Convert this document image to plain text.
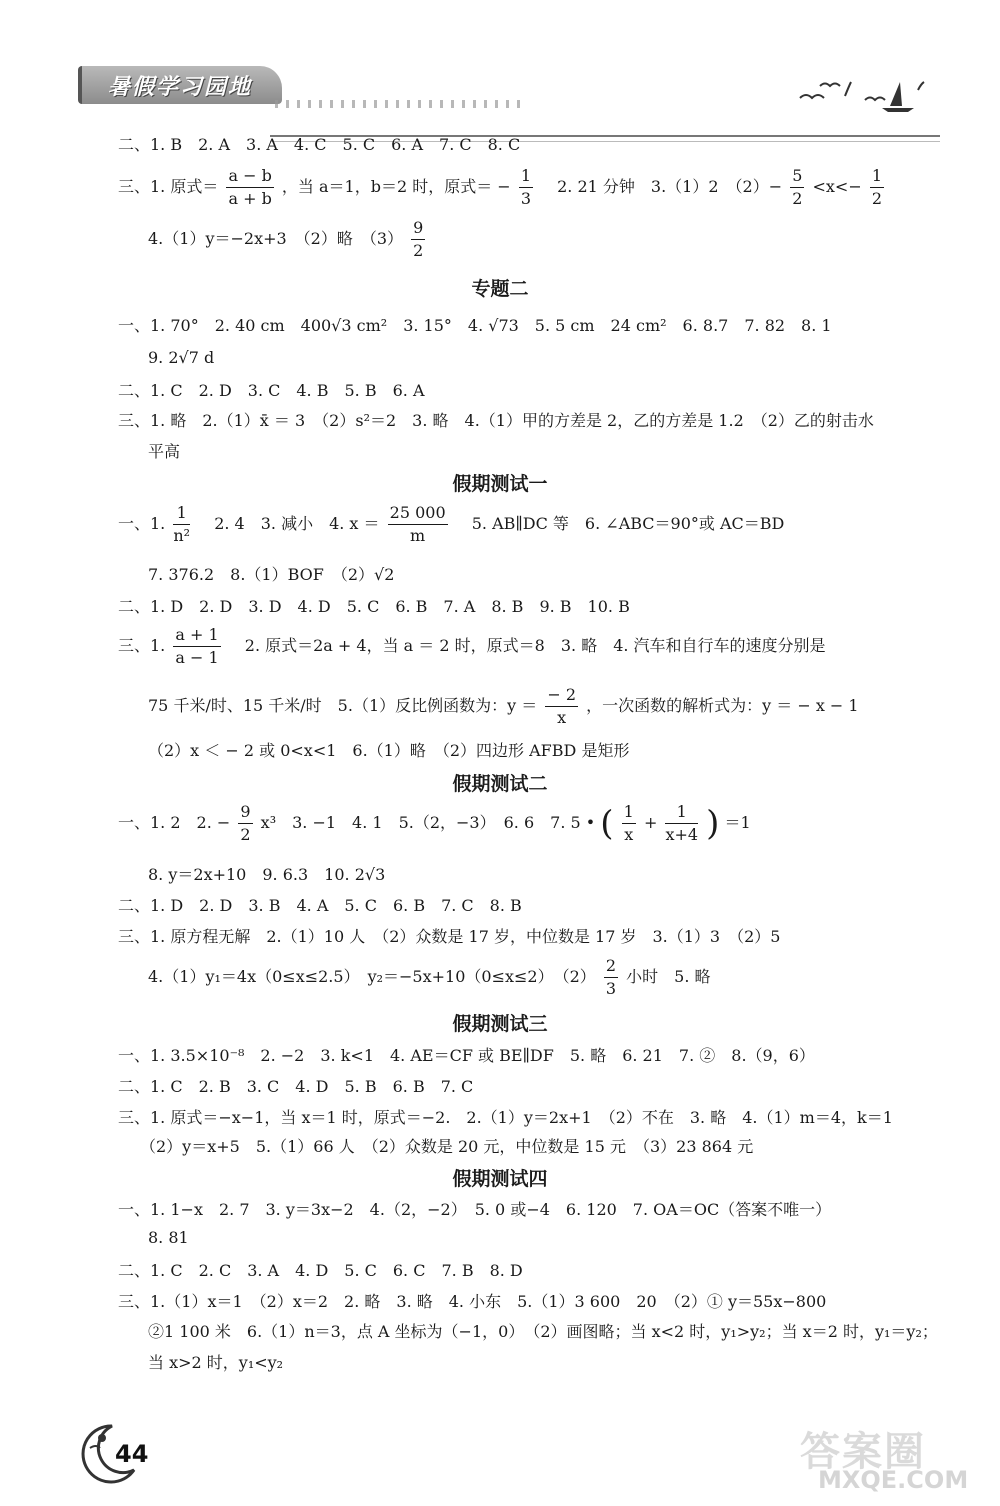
暑假学习园地
二、1. B　2. A　3. A　4. C　5. C　6. A　7. C　8. C
三、1. 原式＝ $\frac{a - b}{a + b}$ ，当 a＝1，b＝2 时，原式＝ − $\frac{1}{3}$ 　2. 21 分钟　3.（1）2　$(2)- \frac{5}{2} <x<- \frac{1}{2}$
4.（1）y＝−2x+3　（2）略　$(3) \frac{9}{2}$
专题二
一、1. 70°　2. 40 cm　400√3 cm²　3. 15°　4. √73　5. 5 cm　24 cm²　6. 8.7　7. 82　8. 1
9. 2√7 d
二、1. C　2. D　3. C　4. B　5. B　6. A
三、1. 略　2.（1）x̄ ＝ 3　（2）s²＝2　3. 略　4.（1）甲的方差是 2，乙的方差是 1.2　（2）乙的射击水
平高
假期测试一
一、1. $\frac{1}{\text{n²}}$ 　2. 4　3. 减小　4. $x = \frac{25 000}{m}$ 　5. AB∥DC 等　6. ∠ABC＝90°或 AC＝BD
7. 376.2　8.（1）BOF　（2）√2
二、1. D　2. D　3. D　4. D　5. C　6. B　7. A　8. B　9. B　10. B
三、1. $\frac{a + 1}{a - 1}$ 　2. 原式＝2a + 4，当 a ＝ 2 时，原式＝8　3. 略　4. 汽车和自行车的速度分别是
75 千米/时、15 千米/时　5.（1）反比例函数为：$y = \frac{- 2}{x}$ ，一次函数的解析式为：y ＝ − x − 1
（2）x ＜ − 2 或 0<x<1　6.（1）略　（2）四边形 AFBD 是矩形
假期测试二
一、1. 2　2. − $\frac{9}{2} x^3$　3. −1　4. 1　5.（2，−3）　6. 6　7. 5 • ( $\frac{1}{x} + \frac{1}{x+4}$ ) ＝1
8. y＝2x+10　9. 6.3　10. 2√3
二、1. D　2. D　3. B　4. A　5. C　6. B　7. C　8. B
三、1. 原方程无解　2.（1）10 人　（2）众数是 17 岁，中位数是 17 岁　3.（1）3　（2）5
4.（1）y₁＝4x（0≤x≤2.5）　y₂＝−5x+10（0≤x≤2）　$(2) \frac{2}{3}$ 小时　5. 略
假期测试三
一、1. 3.5×10⁻⁸　2. −2　3. k<1　4. AE＝CF 或 BE∥DF　5. 略　6. 21　7. ②　8.（9，6）
二、1. C　2. B　3. C　4. D　5. B　6. B　7. C
三、1. 原式＝−x−1，当 x＝1 时，原式＝−2.　2.（1）y＝2x+1　（2）不在　3. 略　4.（1）m＝4，k＝1
（2）y＝x+5　5.（1）66 人　（2）众数是 20 元，中位数是 15 元　（3）23 864 元
假期测试四
一、1. 1−x　2. 7　3. y＝3x−2　4.（2，−2）　5. 0 或−4　6. 120　7. OA＝OC（答案不唯一）
8. 81
二、1. C　2. C　3. A　4. D　5. C　6. C　7. B　8. D
三、1.（1）x＝1　（2）x＝2　2. 略　3. 略　4. 小东　5.（1）3 600　20　（2）① y＝55x−800
②1 100 米　6.（1）n＝3，点 A 坐标为（−1，0）　（2）画图略；当 x<2 时，y₁>y₂；当 x＝2 时，y₁＝y₂；
当 x>2 时，y₁<y₂
44	答案圈
MXQE.COM
